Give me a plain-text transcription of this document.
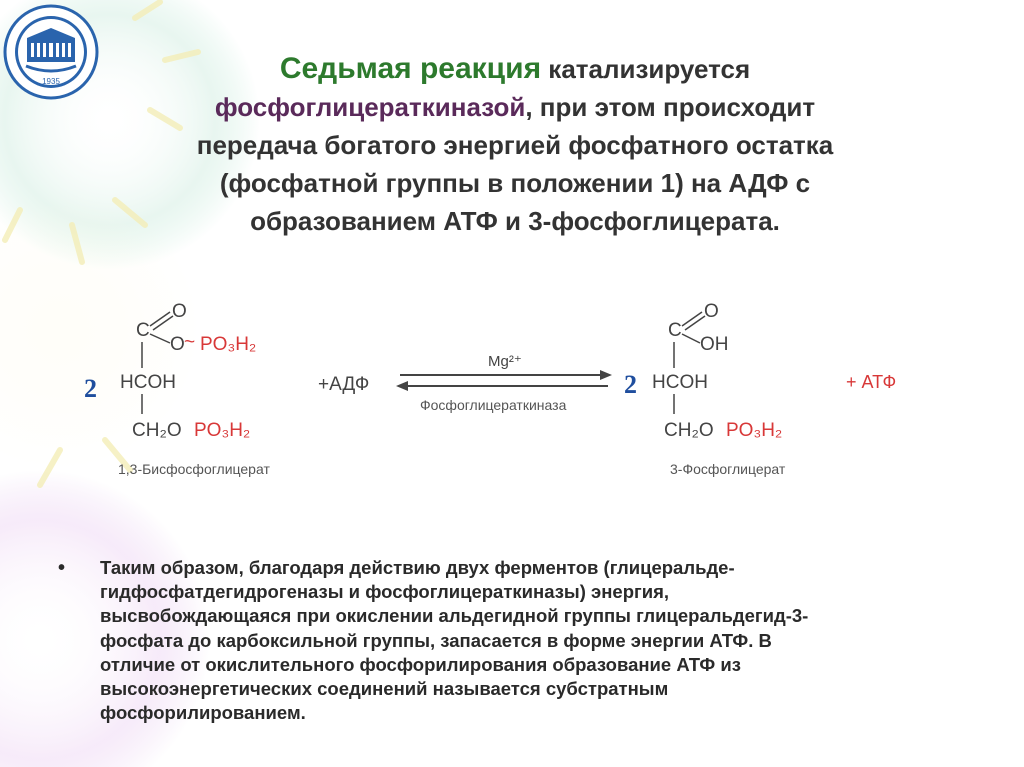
1935	Седьмая реакция катализируется
фосфоглицераткиназой, при этом происходит
передача богатого энергией фосфатного остатка
(фосфатной группы в положении 1) на АДФ с
образованием АТФ и 3-фосфоглицерата.
2	2
C
O
O ~ PO₃H₂
HCOH
CH₂O PO₃H₂
1,3-Бисфосфоглицерат
+АДФ
Mg²⁺
Фосфоглицераткиназа
C
O
OH
HCOH
CH₂O PO₃H₂
3-Фосфоглицерат
+ АТФ
• Таким образом, благодаря действию двух ферментов (глицеральде-
гидфосфатдегидрогеназы и фосфоглицераткиназы) энергия,
высвобождающаяся при окислении альдегидной группы глицеральдегид-3-
фосфата до карбоксильной группы, запасается в форме энергии АТФ. В
отличие от окислительного фосфорилирования образование АТФ из
высокоэнергетических соединений называется субстратным
фосфорилированием.
